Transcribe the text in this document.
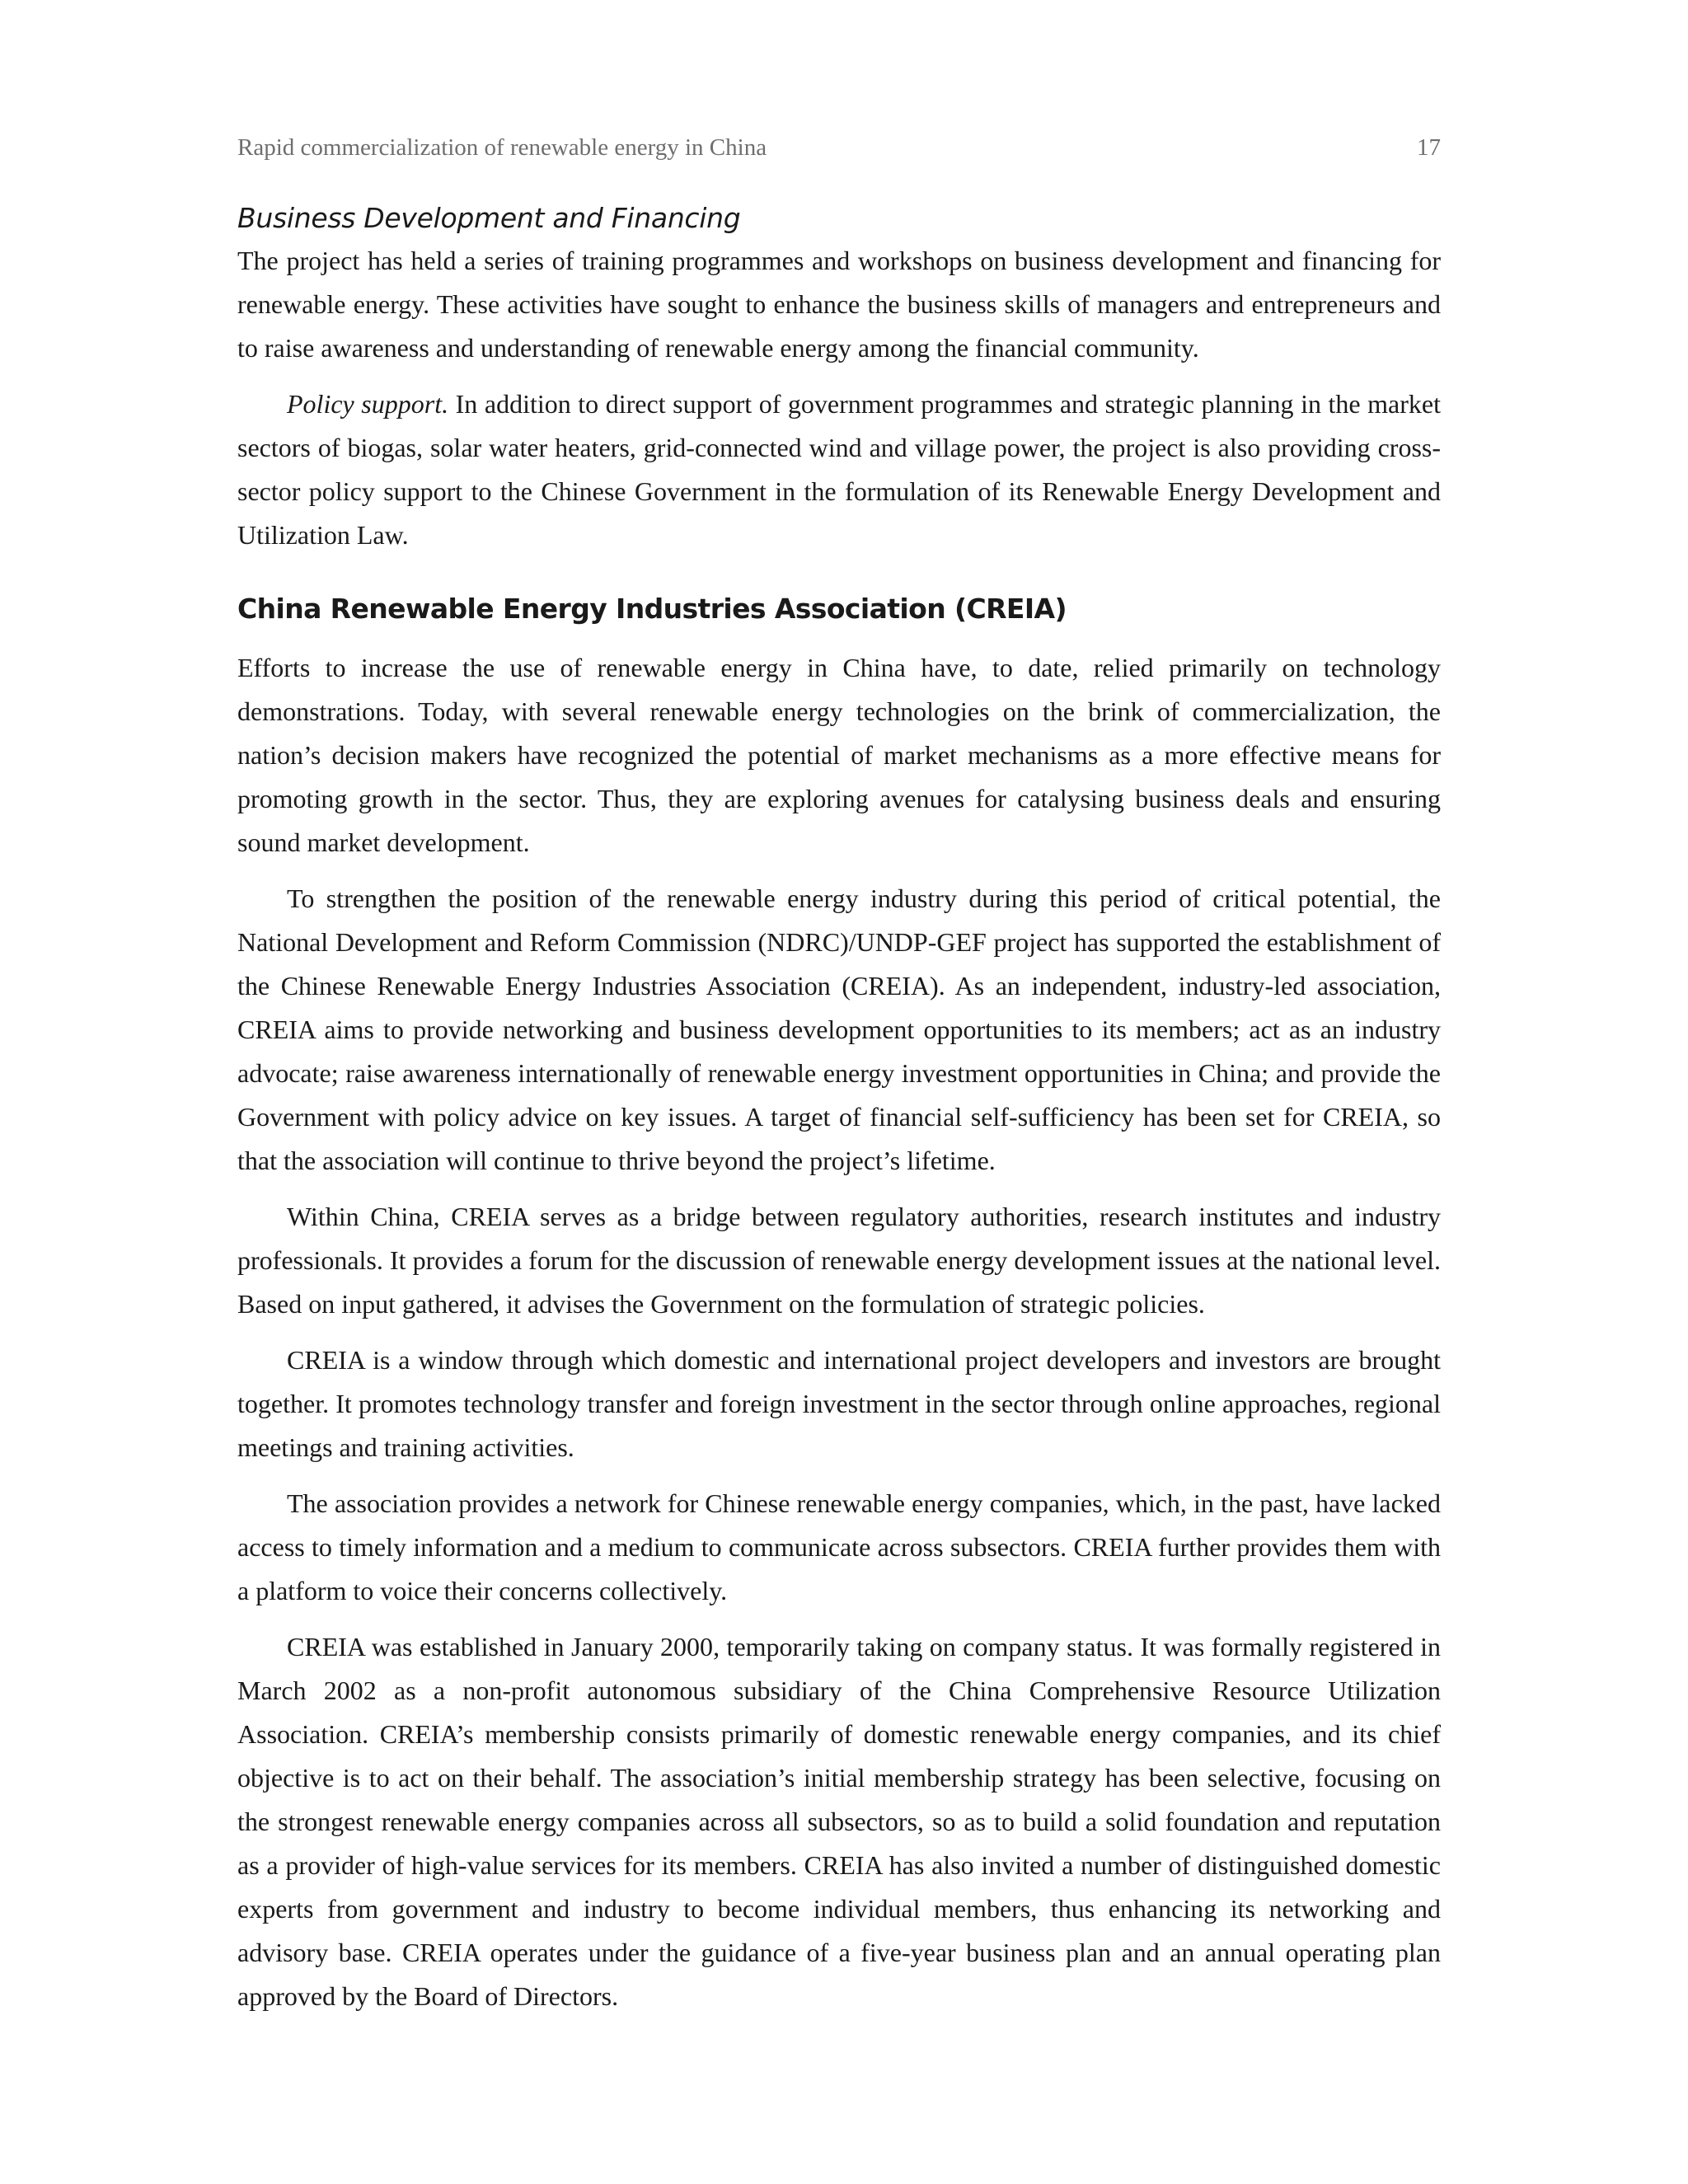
Rapid commercialization of renewable energy in China	17
Business Development and Financing

The project has held a series of training programmes and workshops on business development and financing for renewable energy. These activities have sought to enhance the business skills of managers and entrepreneurs and to raise awareness and understanding of renewable energy among the financial community.

Policy support. In addition to direct support of government programmes and strategic planning in the market sectors of biogas, solar water heaters, grid-connected wind and village power, the project is also providing cross-sector policy support to the Chinese Government in the formulation of its Renewable Energy Development and Utilization Law.

China Renewable Energy Industries Association (CREIA)

Efforts to increase the use of renewable energy in China have, to date, relied primarily on technology demonstrations. Today, with several renewable energy technologies on the brink of commercialization, the nation’s decision makers have recognized the potential of market mechanisms as a more effective means for promoting growth in the sector. Thus, they are exploring avenues for catalysing business deals and ensuring sound market development.

To strengthen the position of the renewable energy industry during this period of critical potential, the National Development and Reform Commission (NDRC)/UNDP-GEF project has supported the establishment of the Chinese Renewable Energy Industries Association (CREIA). As an independent, industry-led association, CREIA aims to provide networking and business development opportunities to its members; act as an industry advocate; raise awareness internationally of renewable energy investment opportunities in China; and provide the Government with policy advice on key issues. A target of financial self-sufficiency has been set for CREIA, so that the association will continue to thrive beyond the project’s lifetime.

Within China, CREIA serves as a bridge between regulatory authorities, research institutes and industry professionals. It provides a forum for the discussion of renewable energy development issues at the national level. Based on input gathered, it advises the Government on the formulation of strategic policies.

CREIA is a window through which domestic and international project developers and investors are brought together. It promotes technology transfer and foreign investment in the sector through online approaches, regional meetings and training activities.

The association provides a network for Chinese renewable energy companies, which, in the past, have lacked access to timely information and a medium to communicate across subsectors. CREIA further provides them with a platform to voice their concerns collectively.

CREIA was established in January 2000, temporarily taking on company status. It was formally registered in March 2002 as a non-profit autonomous subsidiary of the China Comprehensive Resource Utilization Association. CREIA’s membership consists primarily of domestic renewable energy companies, and its chief objective is to act on their behalf. The association’s initial membership strategy has been selective, focusing on the strongest renewable energy companies across all subsectors, so as to build a solid foundation and reputation as a provider of high-value services for its members. CREIA has also invited a number of distinguished domestic experts from government and industry to become individual members, thus enhancing its networking and advisory base. CREIA operates under the guidance of a five-year business plan and an annual operating plan approved by the Board of Directors.
